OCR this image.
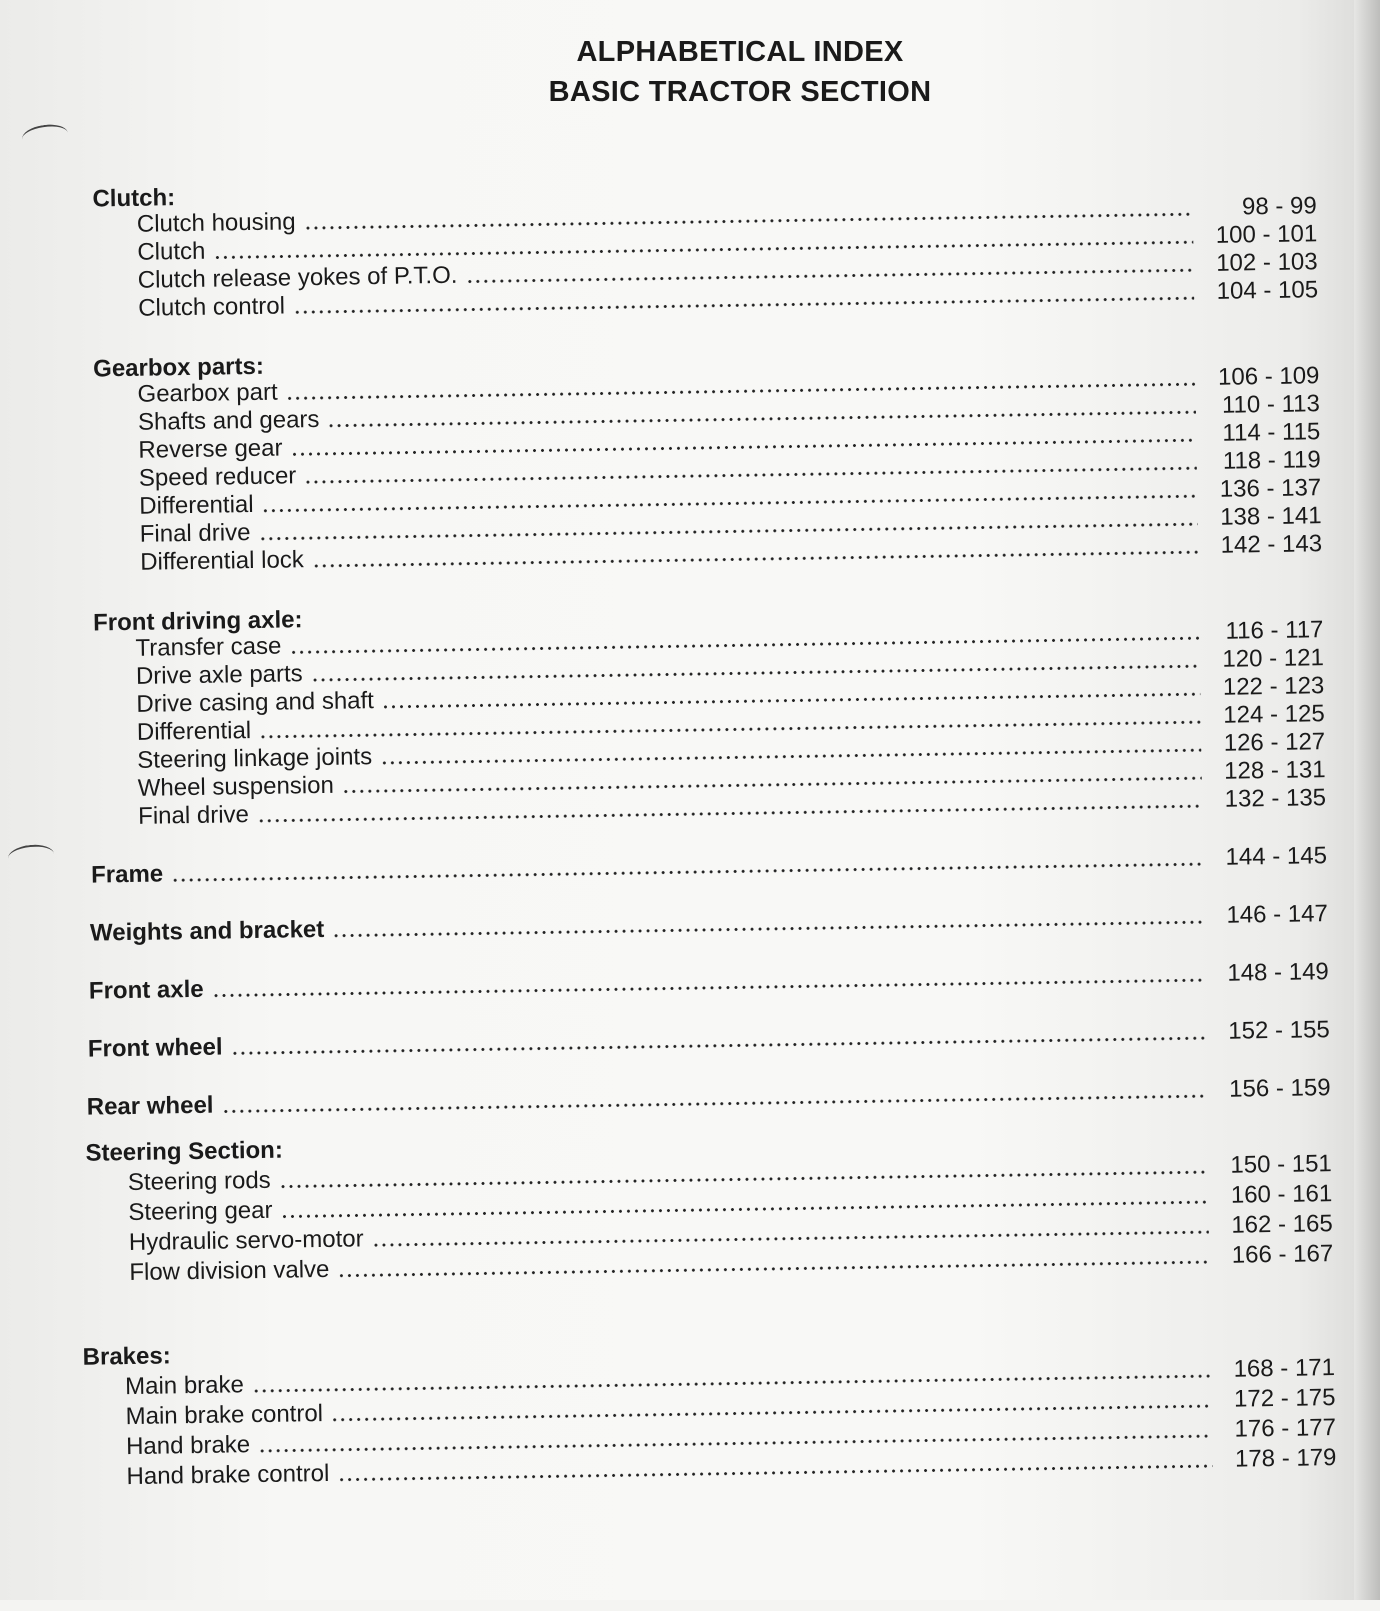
ALPHABETICAL INDEX
BASIC TRACTOR SECTION
Clutch:
Clutch housing
98 - 99
Clutch
100 - 101
Clutch release yokes of P.T.O.	102 - 103
Clutch control
104 - 105
Gearbox parts:
Gearbox part
106 - 109
Shafts and gears
110 - 113
Reverse gear
114 - 115
Speed reducer
118 - 119
Differential
136 - 137
Final drive
138 - 141
Differential lock
142 - 143
Front driving axle:
Transfer case
116 - 117
Drive axle parts
120 - 121
Drive casing and shaft
122 - 123
Differential
124 - 125
Steering linkage joints
126 - 127
Wheel suspension
128 - 131
Final drive
132 - 135
Frame
144 - 145
Weights and bracket
146 - 147
Front axle
148 - 149
Front wheel
152 - 155
Rear wheel
156 - 159
Steering Section:
Steering rods
150 - 151
Steering gear
160 - 161
Hydraulic servo-motor
162 - 165
Flow division valve
166 - 167
Brakes:
Main brake
168 - 171
Main brake control
172 - 175
Hand brake
176 - 177
Hand brake control
178 - 179
